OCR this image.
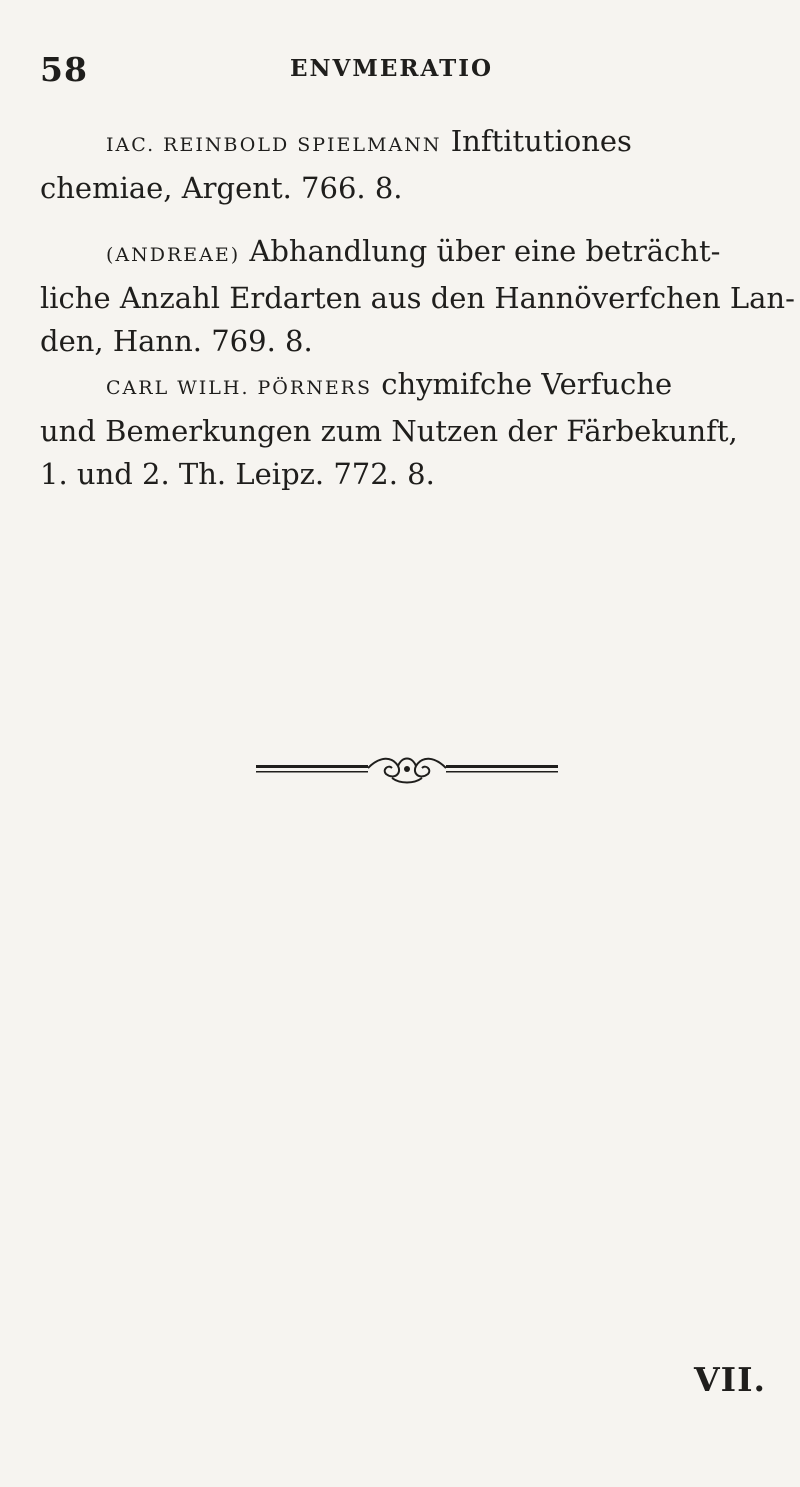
58	ENVMERATIO
IAC. REINBOLD SPIELMANN Inftitutiones
chemiae, Argent. 766. 8.
(ANDREAE) Abhandlung über eine beträcht-
liche Anzahl Erdarten aus den Hannöverfchen Lan-
den, Hann. 769. 8.
CARL WILH. PÖRNERS chymifche Verfuche
und Bemerkungen zum Nutzen der Färbekunft,
1. und 2. Th. Leipz. 772. 8.
VII.
